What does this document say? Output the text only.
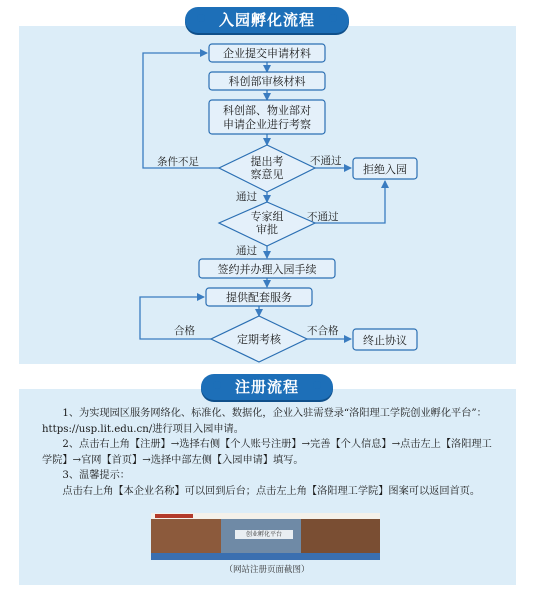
企业提交申请材料
科创部审核材料
科创部、物业部对
申请企业进行考察
提出考
察意见
专家组
审批
拒绝入园
签约并办理入园手续
提供配套服务
定期考核	终止协议
条件不足	不通过
通过
不通过
通过
合格	不合格
入园孵化流程
注册流程

1、为实现园区服务网络化、标准化、数据化，企业入驻需登录“洛阳理工学院创业孵化平台”：https://usp.lit.edu.cn/进行项目入园申请。

2、点击右上角【注册】→选择右侧【个人账号注册】→完善【个人信息】→点击左上【洛阳理工学院】→官网【首页】→选择中部左侧【入园申请】填写。

3、温馨提示：

点击右上角【本企业名称】可以回到后台；点击左上角【洛阳理工学院】图案可以返回首页。

创业孵化平台
（网站注册页面截图）
